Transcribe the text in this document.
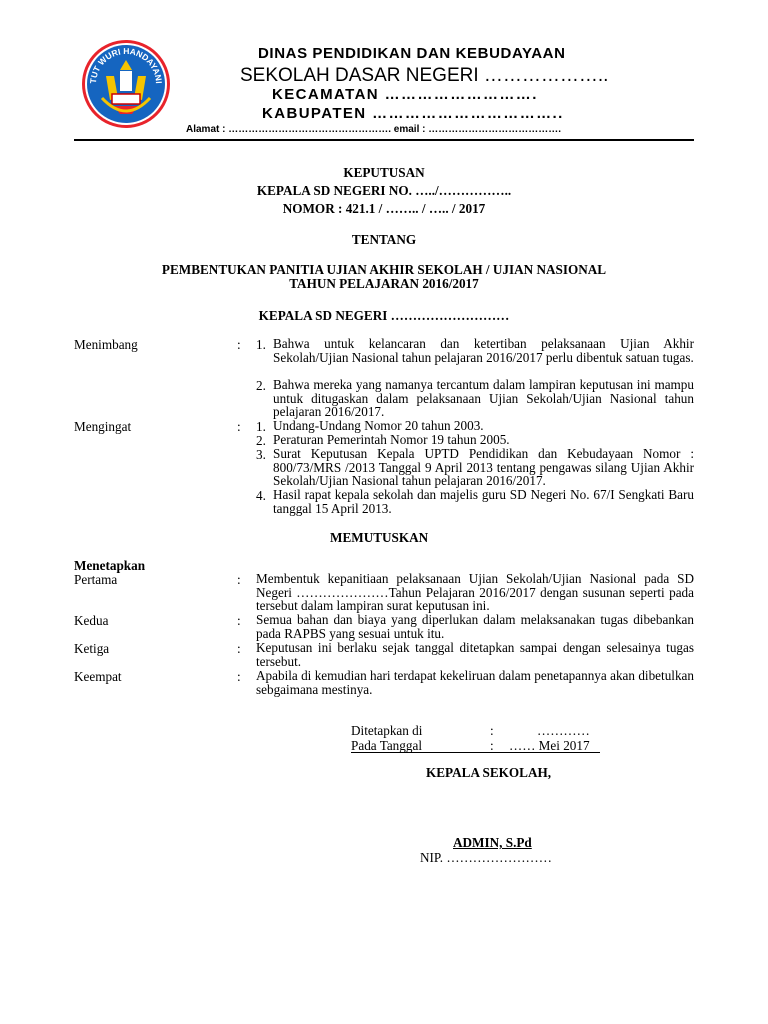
TUT WURI HANDAYANI
DINAS PENDIDIKAN DAN KEBUDAYAAN
SEKOLAH DASAR NEGERI ………………..
KECAMATAN ……………………….
KABUPATEN ……………………………..
Alamat : …………………………………………. email : ………………………………….
KEPUTUSAN
KEPALA SD NEGERI NO. …../……………..
NOMOR : 421.1 / …….. / ….. / 2017
TENTANG
PEMBENTUKAN PANITIA UJIAN AKHIR SEKOLAH / UJIAN NASIONAL
TAHUN PELAJARAN 2016/2017
KEPALA SD NEGERI ………………………
Menimbang	: 1. Bahwa untuk kelancaran dan ketertiban pelaksanaan Ujian Akhir Sekolah/Ujian Nasional tahun pelajaran 2016/2017 perlu dibentuk satuan tugas.
2. Bahwa mereka yang namanya tercantum dalam lampiran keputusan ini mampu untuk ditugaskan dalam pelaksanaan Ujian Sekolah/Ujian Nasional tahun pelajaran 2016/2017.
Mengingat	: 1. Undang-Undang Nomor 20 tahun 2003.
2. Peraturan Pemerintah Nomor 19 tahun 2005.
3. Surat Keputusan Kepala UPTD Pendidikan dan Kebudayaan Nomor : 800/73/MRS /2013 Tanggal 9 April 2013 tentang pengawas silang Ujian Akhir Sekolah/Ujian Nasional tahun pelajaran 2016/2017.
4. Hasil rapat kepala sekolah dan majelis guru SD Negeri No. 67/I Sengkati Baru tanggal 15 April 2013.
MEMUTUSKAN
Menetapkan
Pertama	: Membentuk kepanitiaan pelaksanaan Ujian Sekolah/Ujian Nasional pada SD Negeri …………………Tahun Pelajaran 2016/2017 dengan susunan seperti pada tersebut dalam lampiran surat keputusan ini.
Kedua	: Semua bahan dan biaya yang diperlukan dalam melaksanakan tugas dibebankan pada RAPBS yang sesuai untuk itu.
Ketiga	: Keputusan ini berlaku sejak tanggal ditetapkan sampai dengan selesainya tugas tersebut.
Keempat	: Apabila di kemudian hari terdapat kekeliruan dalam penetapannya akan dibetulkan sebgaimana mestinya.
Ditetapkan di	:	…………
Pada Tanggal	: …… Mei 2017
KEPALA SEKOLAH,
ADMIN, S.Pd
NIP. ……………………
